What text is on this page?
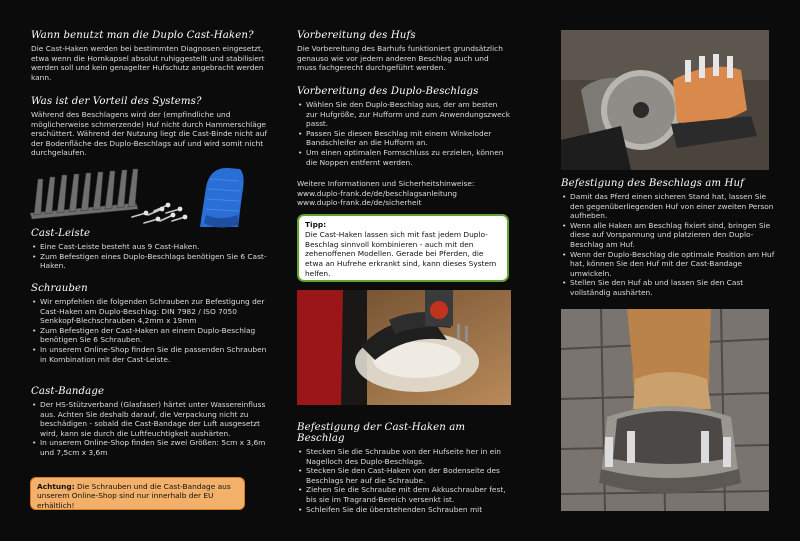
Wann benutzt man die Duplo Cast-Haken?

Die Cast-Haken werden bei bestimmten Diagnosen eingesetzt, etwa wenn die Hornkapsel absolut ruhiggestellt und stabilisiert werden soll und kein genagelter Hufschutz angebracht werden kann.

Was ist der Vorteil des Systems?

Während des Beschlagens wird der (empfindliche und möglicherweise schmerzende) Huf nicht durch Hammerschläge erschüttert. Während der Nutzung liegt die Cast-Binde nicht auf der Bodenfläche des Duplo-Beschlags auf und wird somit nicht durchgelaufen.

Cast-Leiste
• Eine Cast-Leiste besteht aus 9 Cast-Haken.
• Zum Befestigen eines Duplo-Beschlags benötigen Sie 6 Cast-Haken.
Schrauben
• Wir empfehlen die folgenden Schrauben zur Befestigung der Cast-Haken am Duplo-Beschlag: DIN 7982 / ISO 7050 Senkkopf-Blechschrauben 4,2mm x 19mm
• Zum Befestigen der Cast-Haken an einem Duplo-Beschlag benötigen Sie 6 Schrauben.
• In unserem Online-Shop finden Sie die passenden Schrauben in Kombination mit der Cast-Leiste.
Cast-Bandage
• Der HS-Stützverband (Glasfaser) härtet unter Wassereinfluss aus. Achten Sie deshalb darauf, die Verpackung nicht zu beschädigen - sobald die Cast-Bandage der Luft ausgesetzt wird, kann sie durch die Luftfeuchtigkeit aushärten.
• In unserem Online-Shop finden Sie zwei Größen: 5cm x 3,6m und 7,5cm x 3,6m
Achtung: Die Schrauben und die Cast-Bandage aus unserem Online-Shop sind nur innerhalb der EU erhältlich!
Vorbereitung des Hufs

Die Vorbereitung des Barhufs funktioniert grundsätzlich genauso wie vor jedem anderen Beschlag auch und muss fachgerecht durchgeführt werden.

Vorbereitung des Duplo-Beschlags
• Wählen Sie den Duplo-Beschlag aus, der am besten zur Hufgröße, zur Hufform und zum Anwendungszweck passt.
• Passen Sie diesen Beschlag mit einem Winkeloder Bandschleifer an die Hufform an.
• Um einen optimalen Formschluss zu erzielen, können die Noppen entfernt werden.

Weitere Informationen und Sicherheitshinweise:

www.duplo-frank.de/de/beschlagsanleitung

www.duplo-frank.de/de/sicherheit

Tipp:
Die Cast-Haken lassen sich mit fast jedem Duplo-Beschlag sinnvoll kombinieren - auch mit den zehenoffenen Modellen. Gerade bei Pferden, die etwa an Hufrehe erkrankt sind, kann dieses System helfen.
Befestigung der Cast-Haken am Beschlag
• Stecken Sie die Schraube von der Hufseite her in ein Nagelloch des Duplo-Beschlags.
• Stecken Sie den Cast-Haken von der Bodenseite des Beschlags her auf die Schraube.
• Ziehen Sie die Schraube mit dem Akkuschrauber fest, bis sie im Tragrand-Bereich versenkt ist.
• Schleifen Sie die überstehenden Schrauben mit
Befestigung des Beschlags am Huf
• Damit das Pferd einen sicheren Stand hat, lassen Sie den gegenüberliegenden Huf von einer zweiten Person aufheben.
• Wenn alle Haken am Beschlag fixiert sind, bringen Sie diese auf Vorspannung und platzieren den Duplo-Beschlag am Huf.
• Wenn der Duplo-Beschlag die optimale Position am Huf hat, können Sie den Huf mit der Cast-Bandage umwickeln.
• Stellen Sie den Huf ab und lassen Sie den Cast vollständig aushärten.
